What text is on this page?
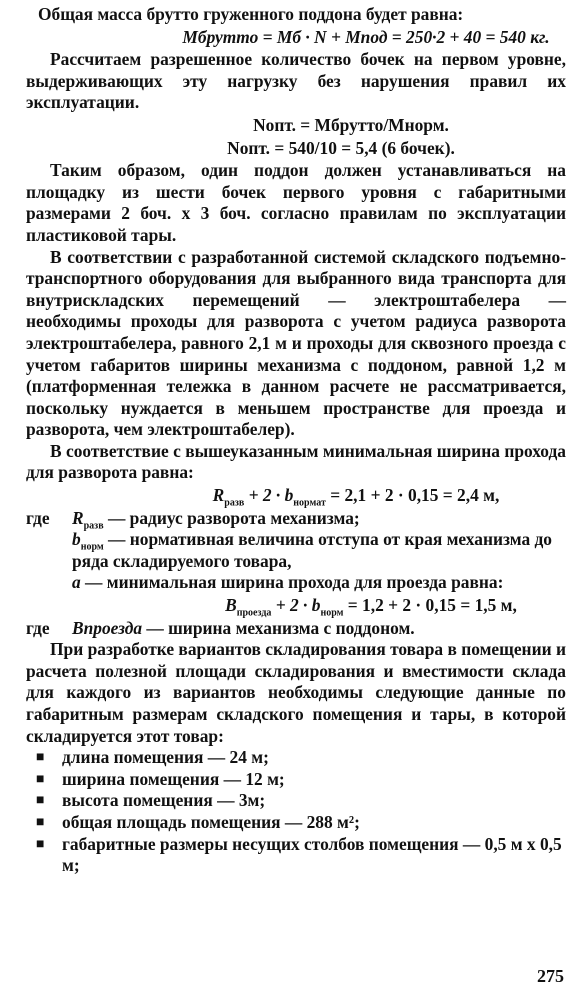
Общая масса брутто груженного поддона будет равна:

Мбрутто = Мб · N + Мпод = 250·2 + 40 = 540 кг.

Рассчитаем разрешенное количество бочек на первом уровне, выдерживающих эту нагрузку без нарушения правил их эксплуатации.

Nопт. = Мбрутто/Мнорм.
Nопт. = 540/10 = 5,4 (6 бочек).

Таким образом, один поддон должен устанавливаться на площадку из шести бочек первого уровня с габаритными размерами 2 боч. х 3 боч. согласно правилам по эксплуатации пластиковой тары.

В соответствии с разработанной системой складского подъемно-транспортного оборудования для выбранного вида транспорта для внутрискладских перемещений — электроштабелера — необходимы проходы для разворота с учетом радиуса разворота электроштабелера, равного 2,1 м и проходы для сквозного проезда с учетом габаритов ширины механизма с поддоном, равной 1,2 м (платформенная тележка в данном расчете не рассматривается, поскольку нуждается в меньшем пространстве для проезда и разворота, чем электроштабелер).

В соответствие с вышеуказанным минимальная ширина прохода для разворота равна:

$R_{разв} + 2 \cdot b_{нормат} = 2,1 + 2 \cdot 0,15 = 2,4$ м,
где	$R_{разв}$ — радиус разворота механизма;
$b_{норм}$ — нормативная величина отступа от края механизма до ряда складируемого товара,
а — минимальная ширина прохода для проезда равна:
$B_{проезда} + 2 \cdot b_{норм} = 1,2 + 2 \cdot 0,15 = 1,5$ м,
где	Впроезда — ширина механизма с поддоном.

При разработке вариантов складирования товара в помещении и расчета полезной площади складирования и вместимости склада для каждого из вариантов необходимы следующие данные по габаритным размерам складского помещения и тары, в которой складируется этот товар:

■	длина помещения — 24 м;
■	ширина помещения — 12 м;
■	высота помещения — 3м;
■	общая площадь помещения — 288 м²;
■	габаритные размеры несущих столбов помещения — 0,5 м х 0,5 м;
275
